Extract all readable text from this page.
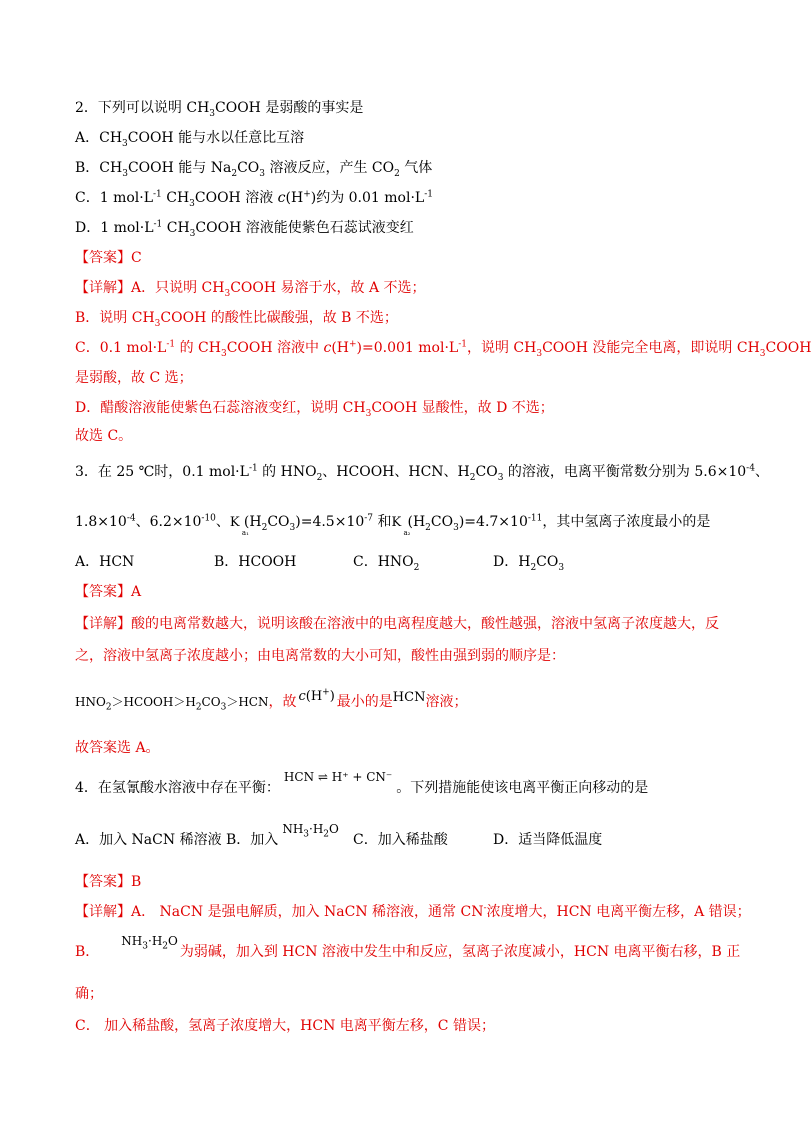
2．下列可以说明 $CH_3COOH$ 是弱酸的事实是
A．$CH_3COOH$ 能与水以任意比互溶
B．$CH_3COOH$ 能与 $Na_2CO_3$ 溶液反应，产生 $CO_2$ 气体
C．1 $mol\cdot L^{-1}$ $CH_3COOH$ 溶液 c(H+)约为 0.01 $mol\cdot L^{-1}$
D．1 $mol\cdot L^{-1}$ $CH_3COOH$ 溶液能使紫色石蕊试液变红
【答案】C
【详解】A．只说明 $CH_3COOH$ 易溶于水，故 A 不选；
B．说明 $CH_3COOH$ 的酸性比碳酸强，故 B 不选；
C．0.1 $mol\cdot L^{-1}$ 的 $CH_3COOH$ 溶液中 c(H+)=0.001 $mol\cdot L^{-1}$，说明 $CH_3COOH$ 没能完全电离，即说明 $CH_3COOH$
是弱酸，故 C 选；
D．醋酸溶液能使紫色石蕊溶液变红，说明 $CH_3COOH$ 显酸性，故 D 不选；
故选 C。
3．在 25 ℃时，0.1 $mol\cdot L^{-1}$ 的 $HNO_2$、HCOOH、HCN、$H_2CO_3$ 的溶液，电离平衡常数分别为 $5.6\times 10^{-4}$、
$1.8\times 10^{-4}$、$6.2\times 10^{-10}$、 K
a₁
$(H_2CO_3)=4.5\times 10^{-7}$ 和 K
a₂
$(H_2CO_3)=4.7\times 10^{-11}$，其中氢离子浓度最小的是
A．HCN	B．HCOOH	C．$HNO_2$	D．$H_2CO_3$
【答案】A
【详解】酸的电离常数越大，说明该酸在溶液中的电离程度越大，酸性越强，溶液中氢离子浓度越大，反
之，溶液中氢离子浓度越小；由电离常数的大小可知，酸性由强到弱的顺序是：
$HNO_2>HCOOH>H_2CO_3>HCN$，故 c(H+) 最小的是HCN溶液；
故答案选 A。
4．在氢氰酸水溶液中存在平衡：HCN ⇌ H⁺ + CN⁻。下列措施能使该电离平衡正向移动的是
A．加入 NaCN 稀溶液 B．加入$NH_3\cdot H_2O$
C．加入稀盐酸	D．适当降低温度
【答案】B
【详解】A． NaCN 是强电解质，加入 NaCN 稀溶液，通常 CN-浓度增大，HCN 电离平衡左移，A 错误；
B．$NH_3\cdot H_2O$为弱碱，加入到 HCN 溶液中发生中和反应，氢离子浓度减小，HCN 电离平衡右移，B 正
确；
C． 加入稀盐酸，氢离子浓度增大，HCN 电离平衡左移，C 错误；
